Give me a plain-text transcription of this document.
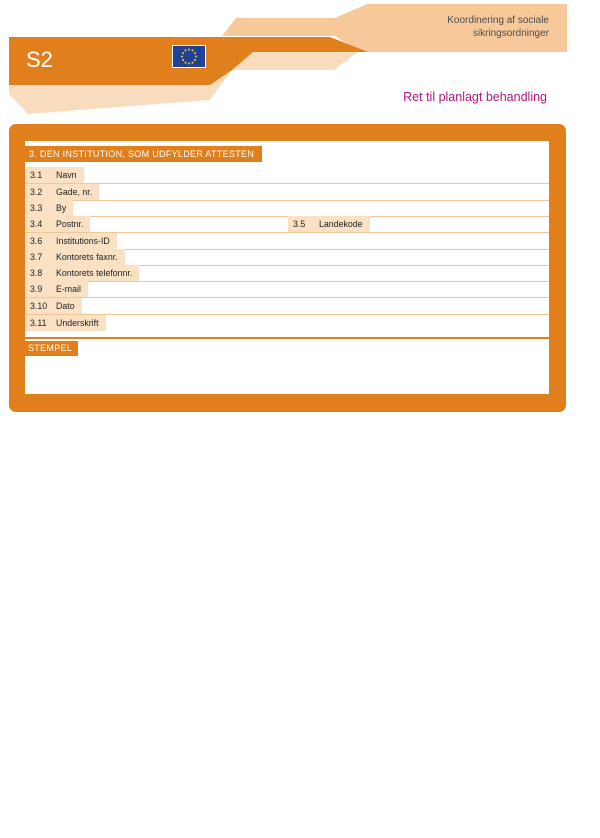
Koordinering af sociale
sikringsordninger
S2
Ret til planlagt behandling
3. DEN INSTITUTION, SOM UDFYLDER ATTESTEN
3.1 Navn
3.2 Gade, nr.
3.3 By
3.4 Postnr.	3.5 Landekode
3.6 Institutions-ID
3.7 Kontorets faxnr.
3.8 Kontorets telefonnr.
3.9 E-mail
3.10 Dato
3.11 Underskrift
STEMPEL
